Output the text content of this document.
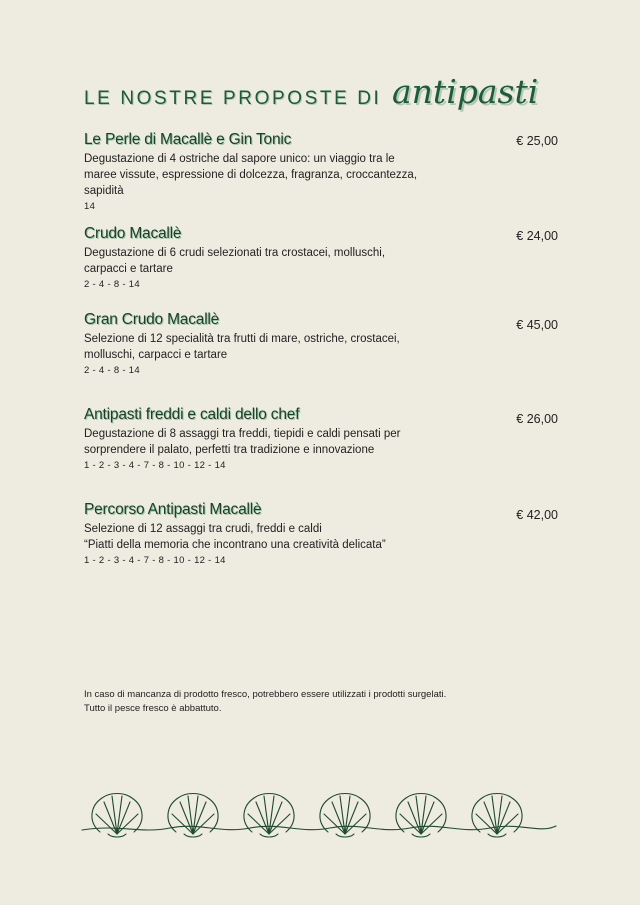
LE NOSTRE PROPOSTE DI antipasti
Le Perle di Macallè e Gin Tonic
Degustazione di 4 ostriche dal sapore unico: un viaggio tra le maree vissute, espressione di dolcezza, fragranza, croccantezza, sapidità
14
€ 25,00
Crudo Macallè
Degustazione di 6 crudi selezionati tra crostacei, molluschi, carpacci e tartare
2 - 4 - 8 - 14
€ 24,00
Gran Crudo Macallè
Selezione di 12 specialità tra frutti di mare, ostriche, crostacei, molluschi, carpacci e tartare
2 - 4 - 8 - 14
€ 45,00
Antipasti freddi e caldi dello chef
Degustazione di 8 assaggi tra freddi, tiepidi e caldi pensati per sorprendere il palato, perfetti tra tradizione e innovazione
1 - 2 - 3 - 4 - 7 - 8 - 10 - 12 - 14
€ 26,00
Percorso Antipasti Macallè
Selezione di 12 assaggi tra crudi, freddi e caldi
“Piatti della memoria che incontrano una creatività delicata”
1 - 2 - 3 - 4 - 7 - 8 - 10 - 12 - 14
€ 42,00
In caso di mancanza di prodotto fresco, potrebbero essere utilizzati i prodotti surgelati.
Tutto il pesce fresco è abbattuto.
